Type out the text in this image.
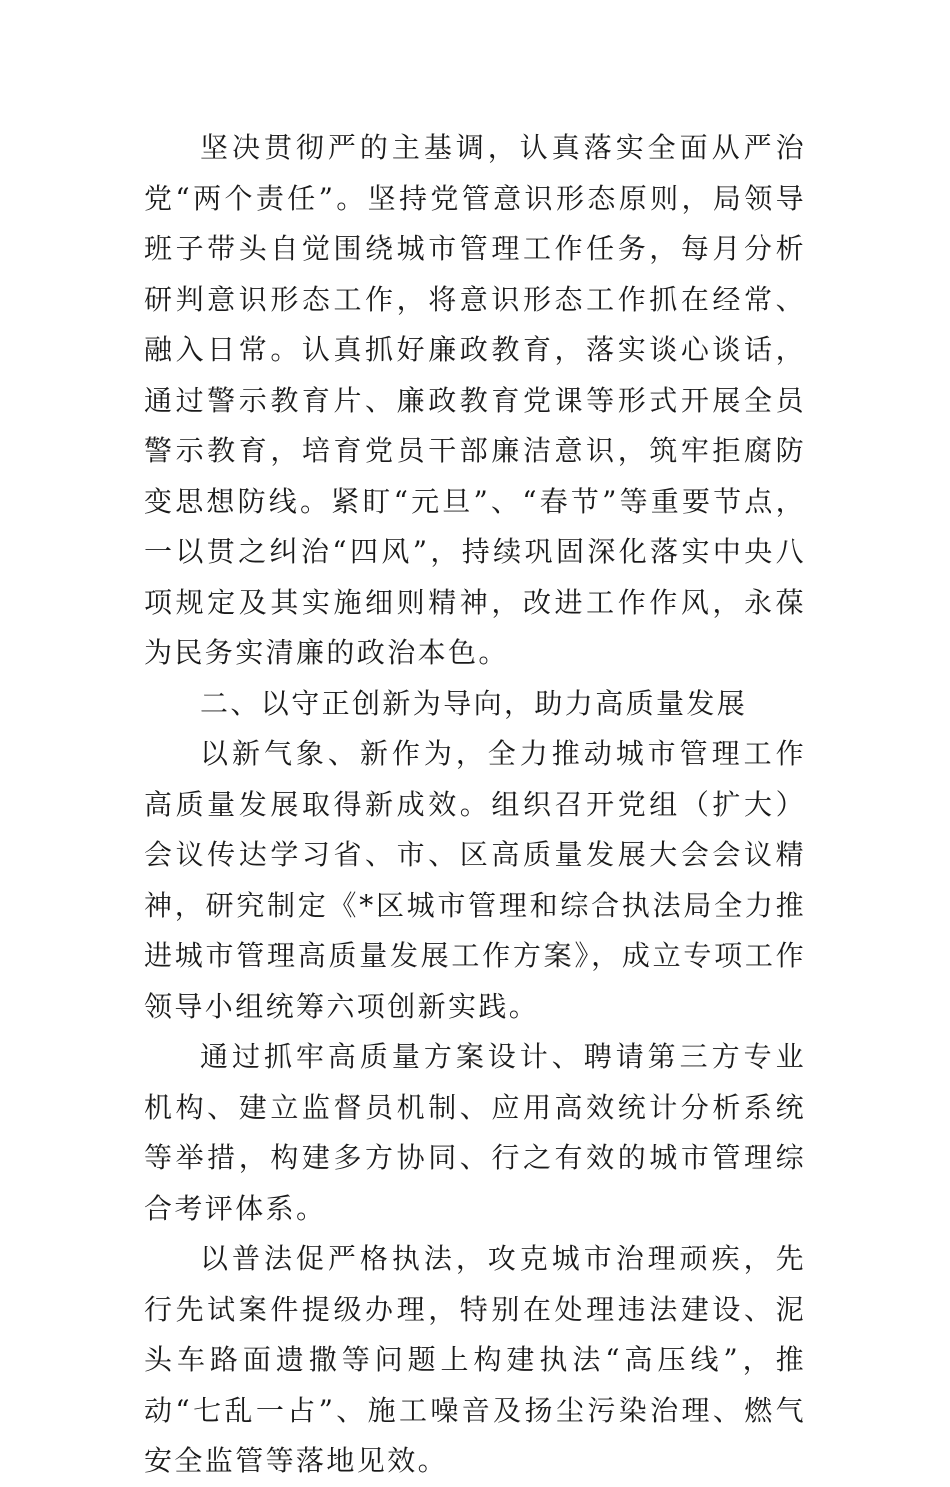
坚决贯彻严的主基调，认真落实全面从严治党“两个责任”。坚持党管意识形态原则，局领导班子带头自觉围绕城市管理工作任务，每月分析研判意识形态工作，将意识形态工作抓在经常、融入日常。认真抓好廉政教育，落实谈心谈话，通过警示教育片、廉政教育党课等形式开展全员警示教育，培育党员干部廉洁意识，筑牢拒腐防变思想防线。紧盯“元旦”、“春节”等重要节点，一以贯之纠治“四风”，持续巩固深化落实中央八项规定及其实施细则精神，改进工作作风，永葆为民务实清廉的政治本色。

二、以守正创新为导向，助力高质量发展

以新气象、新作为，全力推动城市管理工作高质量发展取得新成效。组织召开党组（扩大）会议传达学习省、市、区高质量发展大会会议精神，研究制定《*区城市管理和综合执法局全力推进城市管理高质量发展工作方案》，成立专项工作领导小组统筹六项创新实践。

通过抓牢高质量方案设计、聘请第三方专业机构、建立监督员机制、应用高效统计分析系统等举措，构建多方协同、行之有效的城市管理综合考评体系。

以普法促严格执法，攻克城市治理顽疾，先行先试案件提级办理，特别在处理违法建设、泥头车路面遗撒等问题上构建执法“高压线”，推动“七乱一占”、施工噪音及扬尘污染治理、燃气安全监管等落地见效。
